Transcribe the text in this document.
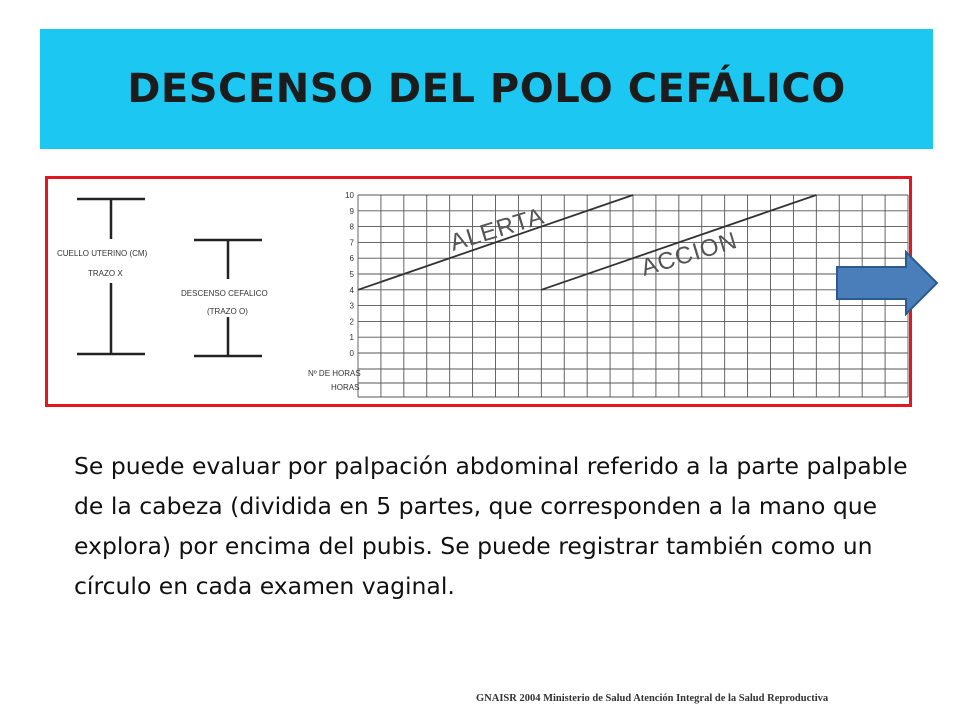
DESCENSO DEL POLO CEFÁLICO
CUELLO UTERINO (CM)
TRAZO X
DESCENSO CEFALICO
(TRAZO O)
10
9
8
7
6
5
4
3
2
1
0
Nº DE HORAS
HORAS
ALERTA	ACCION

Se puede evaluar por palpación abdominal referido a la parte palpable de la cabeza (dividida en 5 partes, que corresponden a la mano que explora) por encima del pubis. Se puede registrar también como un círculo en cada examen vaginal.

GNAISR 2004 Ministerio de Salud Atención Integral de la Salud Reproductiva
